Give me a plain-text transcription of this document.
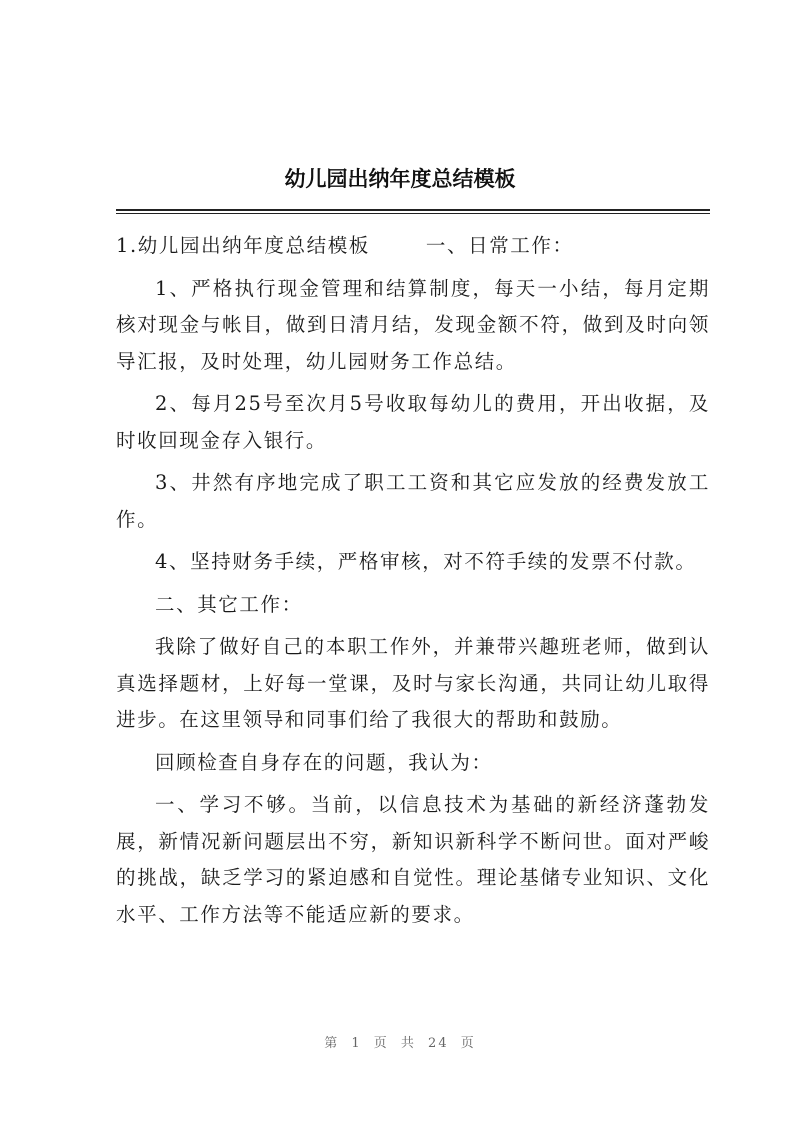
幼儿园出纳年度总结模板

1.幼儿园出纳年度总结模板	一、日常工作：

1、严格执行现金管理和结算制度，每天一小结，每月定期核对现金与帐目，做到日清月结，发现金额不符，做到及时向领导汇报，及时处理，幼儿园财务工作总结。

2、每月25号至次月5号收取每幼儿的费用，开出收据，及时收回现金存入银行。

3、井然有序地完成了职工工资和其它应发放的经费发放工作。

4、坚持财务手续，严格审核，对不符手续的发票不付款。

二、其它工作：

我除了做好自己的本职工作外，并兼带兴趣班老师，做到认真选择题材，上好每一堂课，及时与家长沟通，共同让幼儿取得进步。在这里领导和同事们给了我很大的帮助和鼓励。

回顾检查自身存在的问题，我认为：

一、学习不够。当前，以信息技术为基础的新经济蓬勃发展，新情况新问题层出不穷，新知识新科学不断问世。面对严峻的挑战，缺乏学习的紧迫感和自觉性。理论基储专业知识、文化水平、工作方法等不能适应新的要求。

第 1 页 共 24 页
